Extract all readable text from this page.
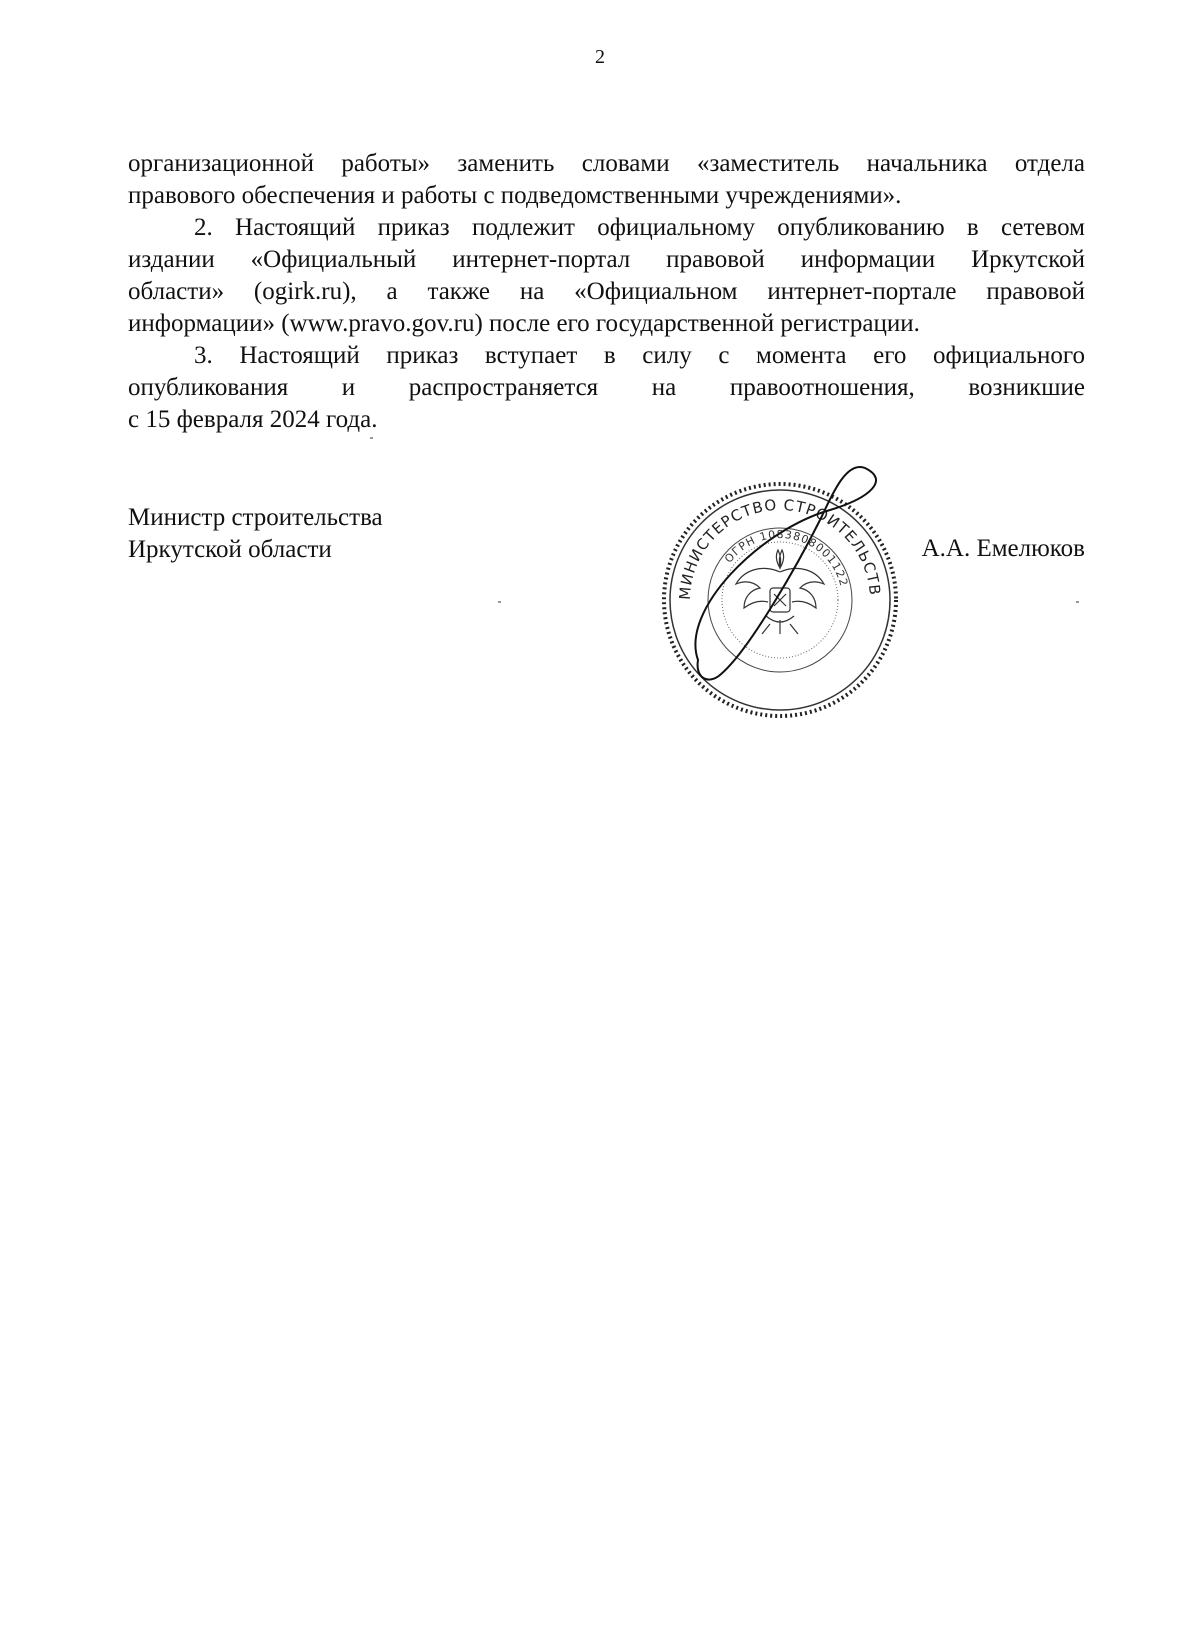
2

организационной работы» заменить словами «заместитель начальника отдела
правового обеспечения и работы с подведомственными учреждениями».

2. Настоящий приказ подлежит официальному опубликованию в сетевом
издании «Официальный интернет-портал правовой информации Иркутской
области» (ogirk.ru), а также на «Официальном интернет-портале правовой
информации» (www.pravo.gov.ru) после его государственной регистрации.

3. Настоящий приказ вступает в силу с момента его официального
опубликования и распространяется на правоотношения, возникшие
с 15 февраля 2024 года.

Министр строительства
Иркутской области
МИНИСТЕРСТВО СТРОИТЕЛЬСТВ
ОГРН 1083808001122
А.А. Емелюков
